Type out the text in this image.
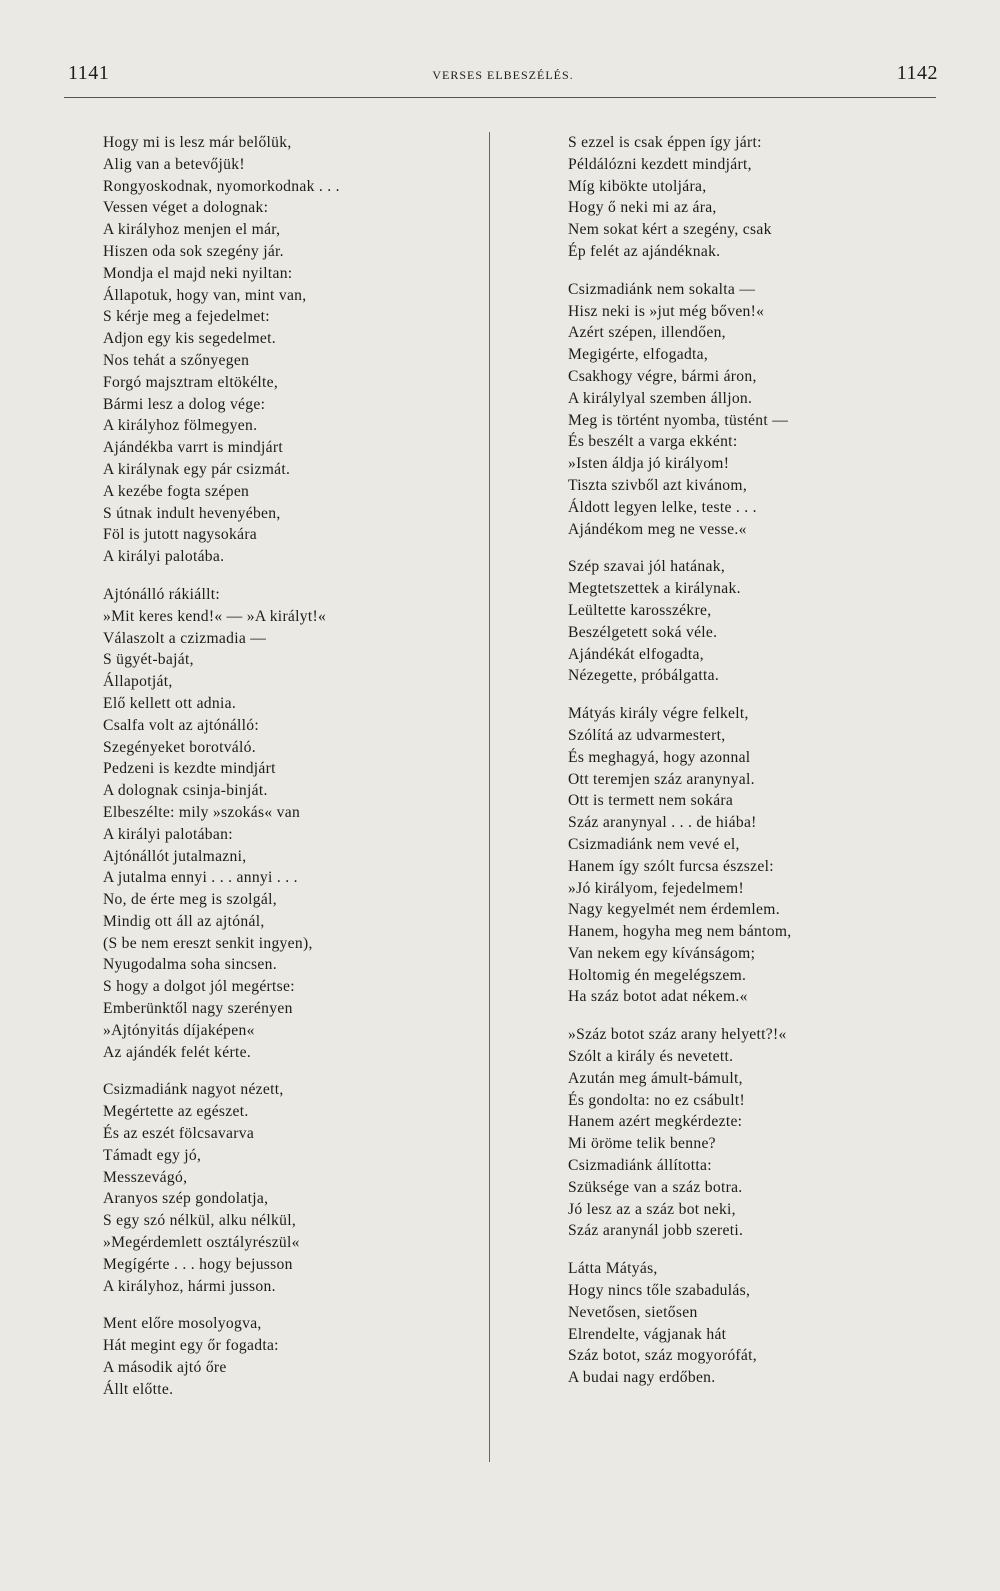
1141	VERSES ELBESZÉLÉS.	1142
Hogy mi is lesz már belőlük,
Alig van a betevőjük!
Rongyoskodnak, nyomorkodnak . . .
Vessen véget a dolognak:
A királyhoz menjen el már,
Hiszen oda sok szegény jár.
Mondja el majd neki nyiltan:
Állapotuk, hogy van, mint van,
S kérje meg a fejedelmet:
Adjon egy kis segedelmet.
Nos tehát a szőnyegen
Forgó majsztram eltökélte,
Bármi lesz a dolog vége:
A királyhoz fölmegyen.
Ajándékba varrt is mindjárt
A királynak egy pár csizmát.
A kezébe fogta szépen
S útnak indult hevenyében,
Föl is jutott nagysokára
A királyi palotába.
Ajtónálló rákiállt:
»Mit keres kend!« — »A királyt!«
Válaszolt a czizmadia —
S ügyét-baját,
Állapotját,
Elő kellett ott adnia.
Csalfa volt az ajtónálló:
Szegényeket borotváló.
Pedzeni is kezdte mindjárt
A dolognak csinja-binját.
Elbeszélte: mily »szokás« van
A királyi palotában:
Ajtónállót jutalmazni,
A jutalma ennyi . . . annyi . . .
No, de érte meg is szolgál,
Mindig ott áll az ajtónál,
(S be nem ereszt senkit ingyen),
Nyugodalma soha sincsen.
S hogy a dolgot jól megértse:
Emberünktől nagy szerényen
»Ajtónyitás díjaképen«
Az ajándék felét kérte.
Csizmadiánk nagyot nézett,
Megértette az egészet.
És az eszét fölcsavarva
Támadt egy jó,
Messzevágó,
Aranyos szép gondolatja,
S egy szó nélkül, alku nélkül,
»Megérdemlett osztályrészül«
Megígérte . . . hogy bejusson
A királyhoz, hármi jusson.
Ment előre mosolyogva,
Hát megint egy őr fogadta:
A második ajtó őre
Állt előtte.
S ezzel is csak éppen így járt:
Példálózni kezdett mindjárt,
Míg kibökte utoljára,
Hogy ő neki mi az ára,
Nem sokat kért a szegény, csak
Ép felét az ajándéknak.
Csizmadiánk nem sokalta —
Hisz neki is »jut még bőven!«
Azért szépen, illendően,
Megigérte, elfogadta,
Csakhogy végre, bármi áron,
A királylyal szemben álljon.
Meg is történt nyomba, tüstént —
És beszélt a varga ekként:
»Isten áldja jó királyom!
Tiszta szivből azt kivánom,
Áldott legyen lelke, teste . . .
Ajándékom meg ne vesse.«
Szép szavai jól hatának,
Megtetszettek a királynak.
Leültette karosszékre,
Beszélgetett soká véle.
Ajándékát elfogadta,
Nézegette, próbálgatta.
Mátyás király végre felkelt,
Szólítá az udvarmestert,
És meghagyá, hogy azonnal
Ott teremjen száz aranynyal.
Ott is termett nem sokára
Száz aranynyal . . . de hiába!
Csizmadiánk nem vevé el,
Hanem így szólt furcsa észszel:
»Jó királyom, fejedelmem!
Nagy kegyelmét nem érdemlem.
Hanem, hogyha meg nem bántom,
Van nekem egy kívánságom;
Holtomig én megelégszem.
Ha száz botot adat nékem.«
»Száz botot száz arany helyett?!«
Szólt a király és nevetett.
Azután meg ámult-bámult,
És gondolta: no ez csábult!
Hanem azért megkérdezte:
Mi öröme telik benne?
Csizmadiánk állította:
Szüksége van a száz botra.
Jó lesz az a száz bot neki,
Száz aranynál jobb szereti.
Látta Mátyás,
Hogy nincs tőle szabadulás,
Nevetősen, sietősen
Elrendelte, vágjanak hát
Száz botot, száz mogyorófát,
A budai nagy erdőben.
